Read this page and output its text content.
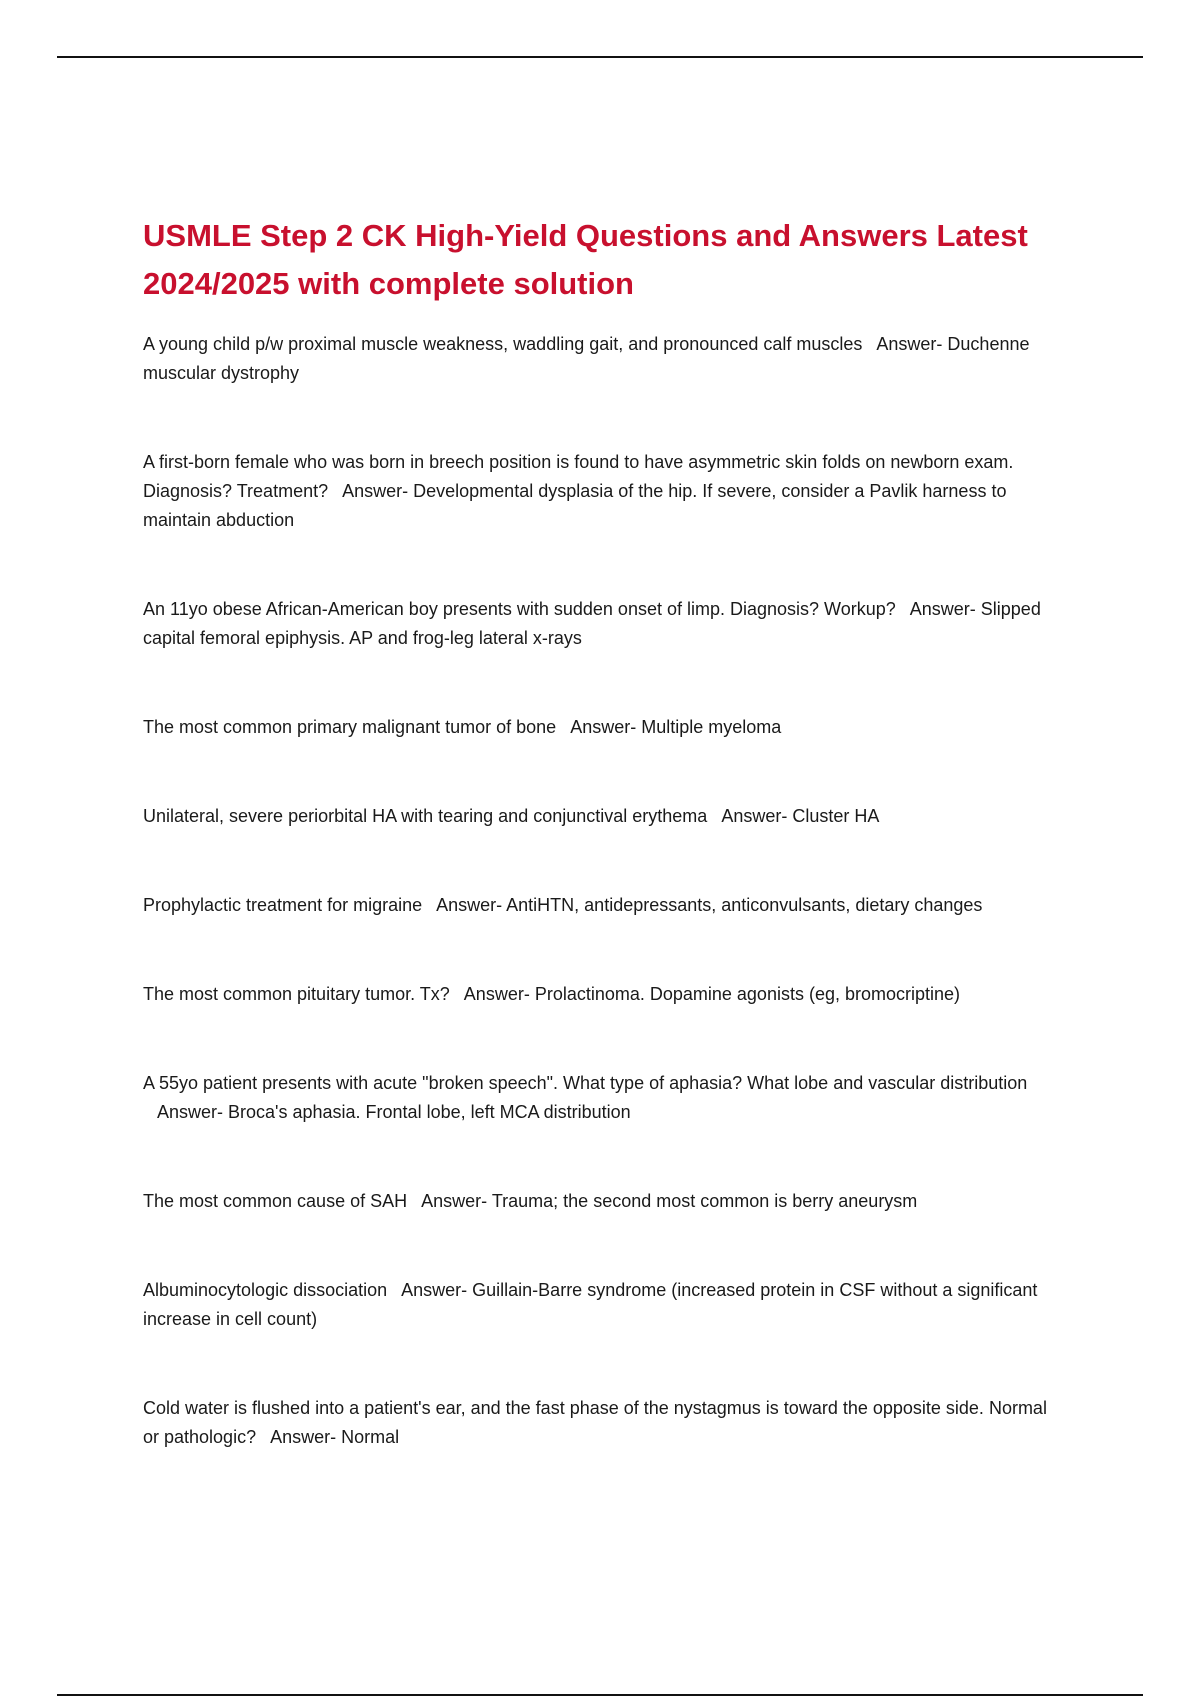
USMLE Step 2 CK High-Yield Questions and Answers Latest 2024/2025 with complete solution

A young child p/w proximal muscle weakness, waddling gait, and pronounced calf muscles Answer- Duchenne muscular dystrophy

A first-born female who was born in breech position is found to have asymmetric skin folds on newborn exam. Diagnosis? Treatment? Answer- Developmental dysplasia of the hip. If severe, consider a Pavlik harness to maintain abduction

An 11yo obese African-American boy presents with sudden onset of limp. Diagnosis? Workup? Answer- Slipped capital femoral epiphysis. AP and frog-leg lateral x-rays

The most common primary malignant tumor of bone Answer- Multiple myeloma

Unilateral, severe periorbital HA with tearing and conjunctival erythema Answer- Cluster HA

Prophylactic treatment for migraine Answer- AntiHTN, antidepressants, anticonvulsants, dietary changes

The most common pituitary tumor. Tx? Answer- Prolactinoma. Dopamine agonists (eg, bromocriptine)

A 55yo patient presents with acute "broken speech". What type of aphasia? What lobe and vascular distribution   Answer- Broca's aphasia. Frontal lobe, left MCA distribution

The most common cause of SAH Answer- Trauma; the second most common is berry aneurysm

Albuminocytologic dissociation Answer- Guillain-Barre syndrome (increased protein in CSF without a significant increase in cell count)

Cold water is flushed into a patient's ear, and the fast phase of the nystagmus is toward the opposite side. Normal or pathologic? Answer- Normal
